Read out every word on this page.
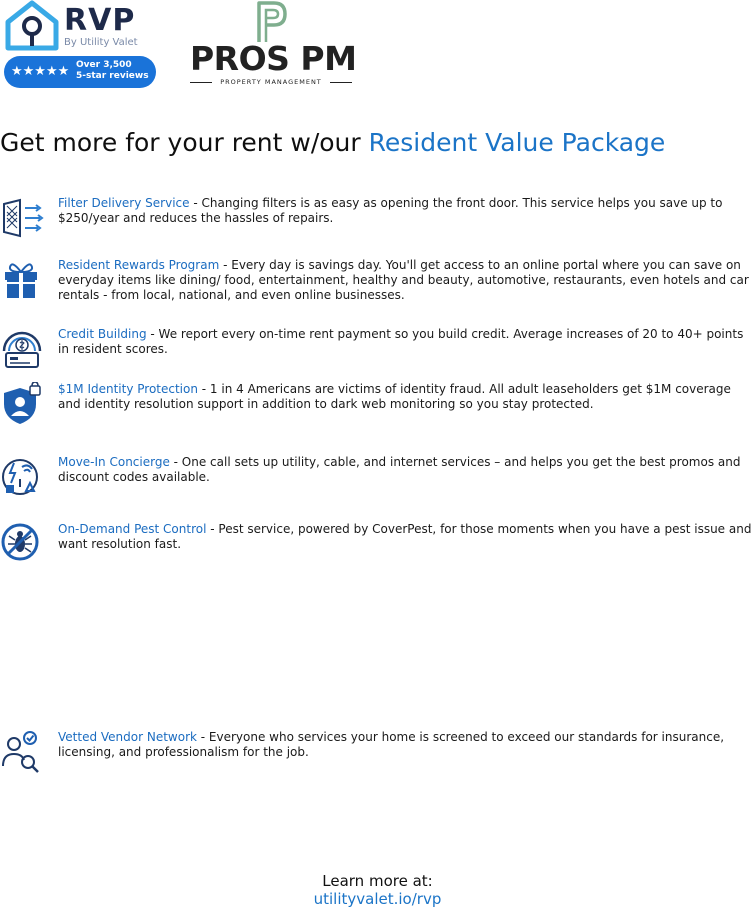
RVP
By Utility Valet
★★★★★ Over 3,500
5-star reviews PROS PM
PROPERTY MANAGEMENT
Get more for your rent w/our Resident Value Package
Filter Delivery Service - Changing filters is as easy as opening the front door. This service helps you save up to $250/year and reduces the hassles of repairs.
Resident Rewards Program - Every day is savings day. You'll get access to an online portal where you can save on everyday items like dining/ food, entertainment, healthy and beauty, automotive, restaurants, even hotels and car rentals - from local, national, and even online businesses.
Credit Building - We report every on-time rent payment so you build credit. Average increases of 20 to 40+ points in resident scores.
$1M Identity Protection - 1 in 4 Americans are victims of identity fraud. All adult leaseholders get $1M coverage and identity resolution support in addition to dark web monitoring so you stay protected.
Move-In Concierge - One call sets up utility, cable, and internet services – and helps you get the best promos and discount codes available.
On-Demand Pest Control - Pest service, powered by CoverPest, for those moments when you have a pest issue and want resolution fast.
Vetted Vendor Network - Everyone who services your home is screened to exceed our standards for insurance, licensing, and professionalism for the job.
Learn more at:
utilityvalet.io/rvp
